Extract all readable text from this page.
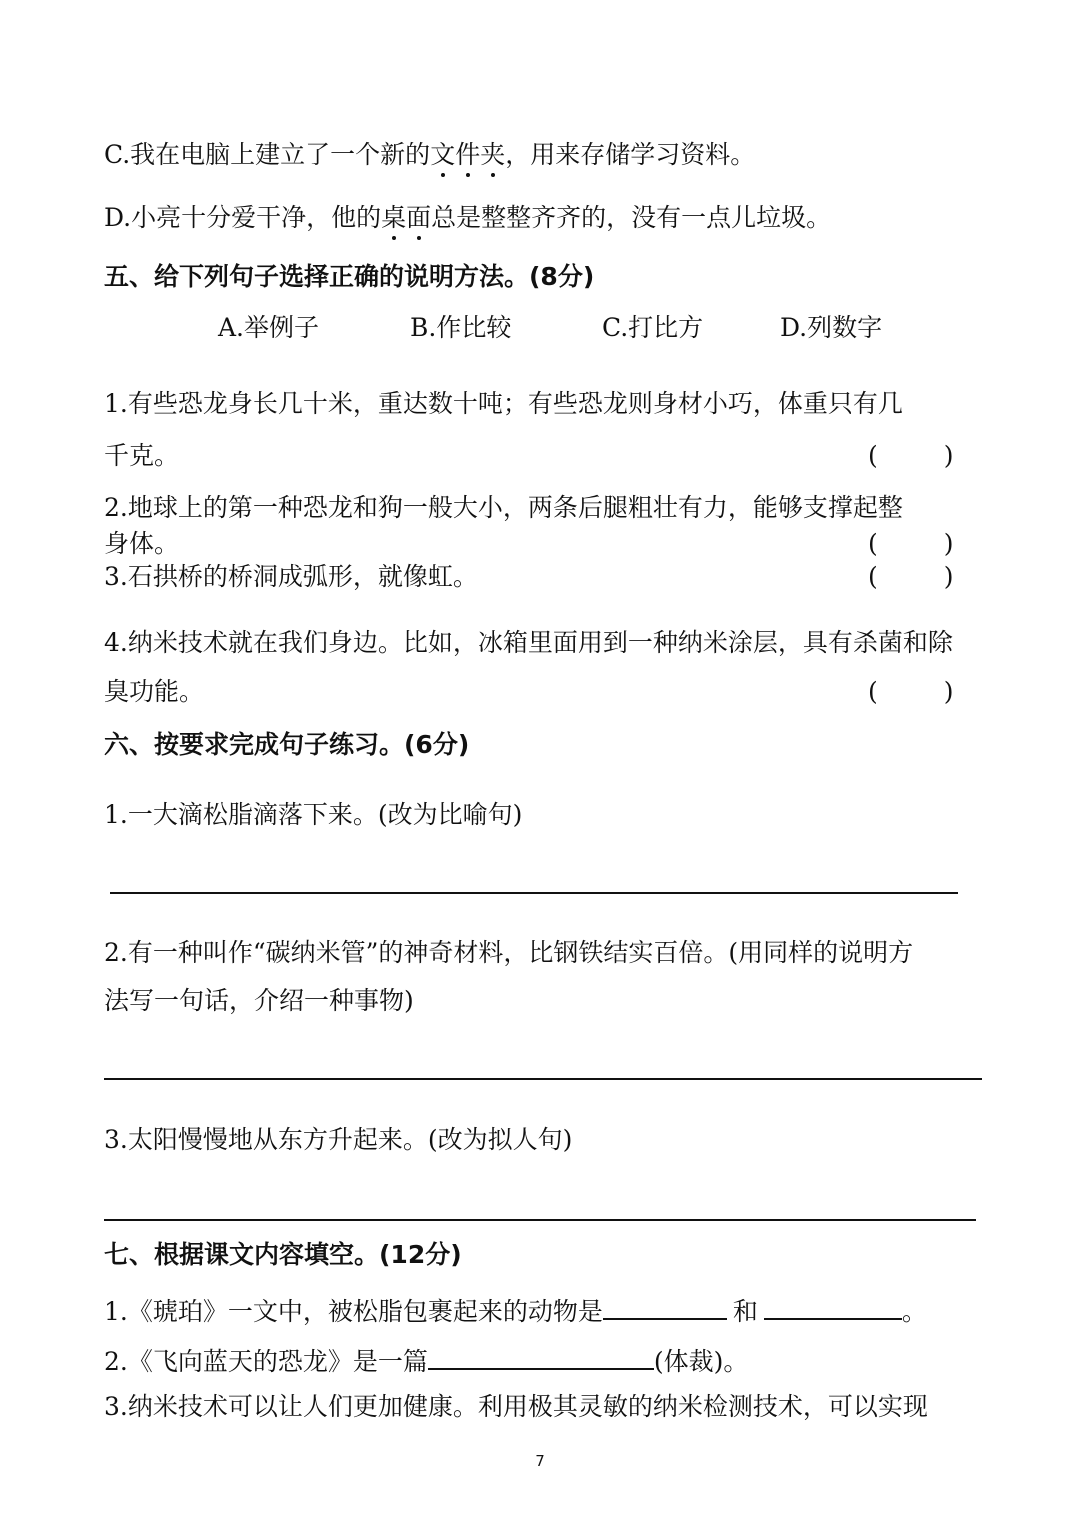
C.我在电脑上建立了一个新的文件夹，用来存储学习资料。
D.小亮十分爱干净，他的桌面总是整整齐齐的，没有一点儿垃圾。
五、给下列句子选择正确的说明方法。(8分)
A.举例子	B.作比较	C.打比方	D.列数字
1.有些恐龙身长几十米，重达数十吨；有些恐龙则身材小巧，体重只有几
千克。	(	)
2.地球上的第一种恐龙和狗一般大小，两条后腿粗壮有力，能够支撑起整
身体。	(	)
3.石拱桥的桥洞成弧形，就像虹。	(	)
4.纳米技术就在我们身边。比如，冰箱里面用到一种纳米涂层，具有杀菌和除
臭功能。	(	)
六、按要求完成句子练习。(6分)
1.一大滴松脂滴落下来。(改为比喻句)
2.有一种叫作“碳纳米管”的神奇材料，比钢铁结实百倍。(用同样的说明方
法写一句话，介绍一种事物)
3.太阳慢慢地从东方升起来。(改为拟人句)
七、根据课文内容填空。(12分)
1.《琥珀》一文中，被松脂包裹起来的动物是	和	。
2.《飞向蓝天的恐龙》是一篇	(体裁)。
3.纳米技术可以让人们更加健康。利用极其灵敏的纳米检测技术，可以实现
7
